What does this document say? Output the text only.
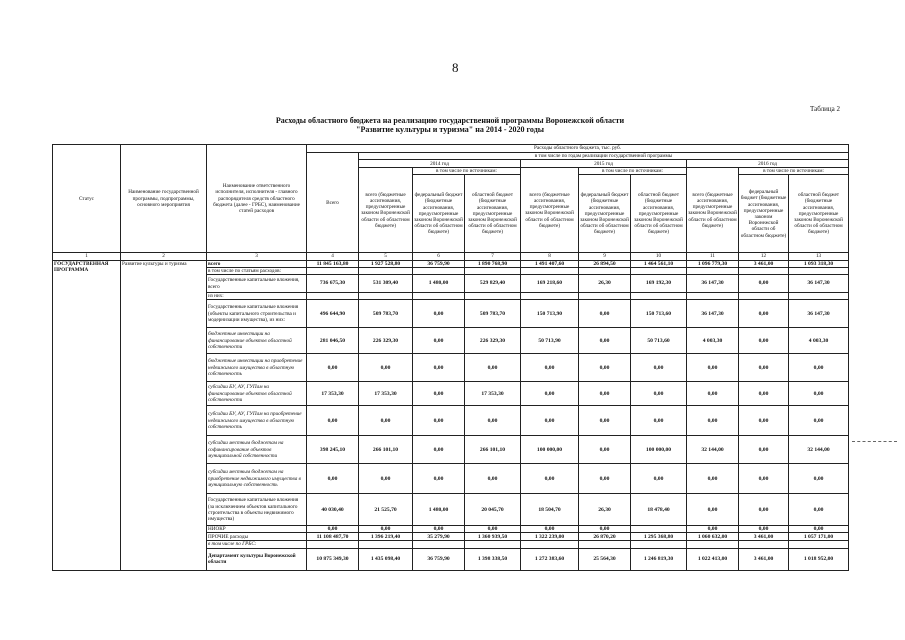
8
Таблица 2
Расходы областного бюджета на реализацию государственной программы Воронежской области
"Развитие культуры и туризма" на 2014 - 2020 годы
Статус	Наименование государственной программы, подпрограммы, основного мероприятия	Наименование ответственного исполнителя, исполнителя - главного распорядителя средств областного бюджета (далее - ГРБС), наименование статей расходов	Расходы областного бюджета, тыс. руб.									
			Всего	в том числе по годам реализации государственной программы								
				2014 год			2015 год			2016 год		
				всего (бюджетные ассигнования, предусмотренные законом Воронежской области об областном бюджете)	в том числе по источникам:		всего (бюджетные ассигнования, предусмотренные законом Воронежской области об областном бюджете)	в том числе по источникам:		всего (бюджетные ассигнования, предусмотренные законом Воронежской области об областном бюджете)	в том числе по источникам:	
					федеральный бюджет (бюджетные ассигнования, предусмотренные законом Воронежской области об областном бюджете)	областной бюджет (бюджетные ассигнования, предусмотренные законом Воронежской области об областном бюджете)		федеральный бюджет (бюджетные ассигнования, предусмотренные законом Воронежской области об областном бюджете)	областной бюджет (бюджетные ассигнования, предусмотренные законом Воронежской области об областном бюджете)		федеральный бюджет (бюджетные ассигнования, предусмотренные законом Воронежской области об областном бюджете)	областной бюджет (бюджетные ассигнования, предусмотренные законом Воронежской области об областном бюджете)
1	2	3	4	5	6	7	8	9	10	11	12	13
ГОСУДАРСТВЕННАЯ ПРОГРАММА	Развитие культуры и туризма	всего	11 845 163,80	1 927 528,80	36 759,90	1 890 768,90	1 491 407,60	26 894,50	1 464 561,10	1 096 779,30	3 461,00	1 093 318,30
		в том числе по статьям расходов:										
		Государственные капитальные вложения, всего	736 675,30	531 309,40	1 480,00	529 829,40	169 218,60	26,30	169 192,30	36 147,30	0,00	36 147,30
		из них:										
		Государственные капитальные вложения (объекты капитального строительства и модернизации имущества), из них:	496 644,90	509 783,70	0,00	509 783,70	150 713,90	0,00	150 713,60	36 147,30	0,00	36 147,30
		бюджетные инвестиции на финансирование объектов областной собственности	281 046,50	226 329,30	0,00	226 329,30	50 713,90	0,00	50 713,60	4 003,30	0,00	4 003,30
		бюджетные инвестиции на приобретение недвижимого имущества в областную собственность	0,00	0,00	0,00	0,00	0,00	0,00	0,00	0,00	0,00	0,00
		субсидии БУ, АУ, ГУПам на финансирование объектов областной собственности	17 353,30	17 353,30	0,00	17 353,30	0,00	0,00	0,00	0,00	0,00	0,00
		субсидии БУ, АУ, ГУПам на приобретение недвижимого имущества в областную собственность	0,00	0,00	0,00	0,00	0,00	0,00	0,00	0,00	0,00	0,00
		субсидии местным бюджетам на софинансирование объектов муниципальной собственности	398 245,10	266 101,10	0,00	266 101,10	100 000,00	0,00	100 000,00	32 144,00	0,00	32 144,00
		субсидии местным бюджетам на приобретение недвижимого имущества в муниципальную собственность	0,00	0,00	0,00	0,00	0,00	0,00	0,00	0,00	0,00	0,00
		Государственные капитальные вложения (за исключением объектов капитального строительства в объекты недвижимого имущества)	40 030,40	21 525,70	1 480,00	20 045,70	18 504,70	26,30	18 478,40	0,00	0,00	0,00
		НИОКР	0,00	0,00	0,00	0,00	0,00	0,00		0,00	0,00	0,00
		ПРОЧИЕ расходы	11 108 487,70	1 396 219,40	35 279,90	1 360 939,50	1 322 239,00	26 870,20	1 295 368,80	1 060 632,00	3 461,00	1 057 171,00
		в том числе по ГРБС:										
		Департамент культуры Воронежской области	10 875 349,30	1 435 098,40	36 759,90	1 398 338,50	1 272 383,60	25 564,30	1 246 819,30	1 022 413,00	3 461,00	1 018 952,00
